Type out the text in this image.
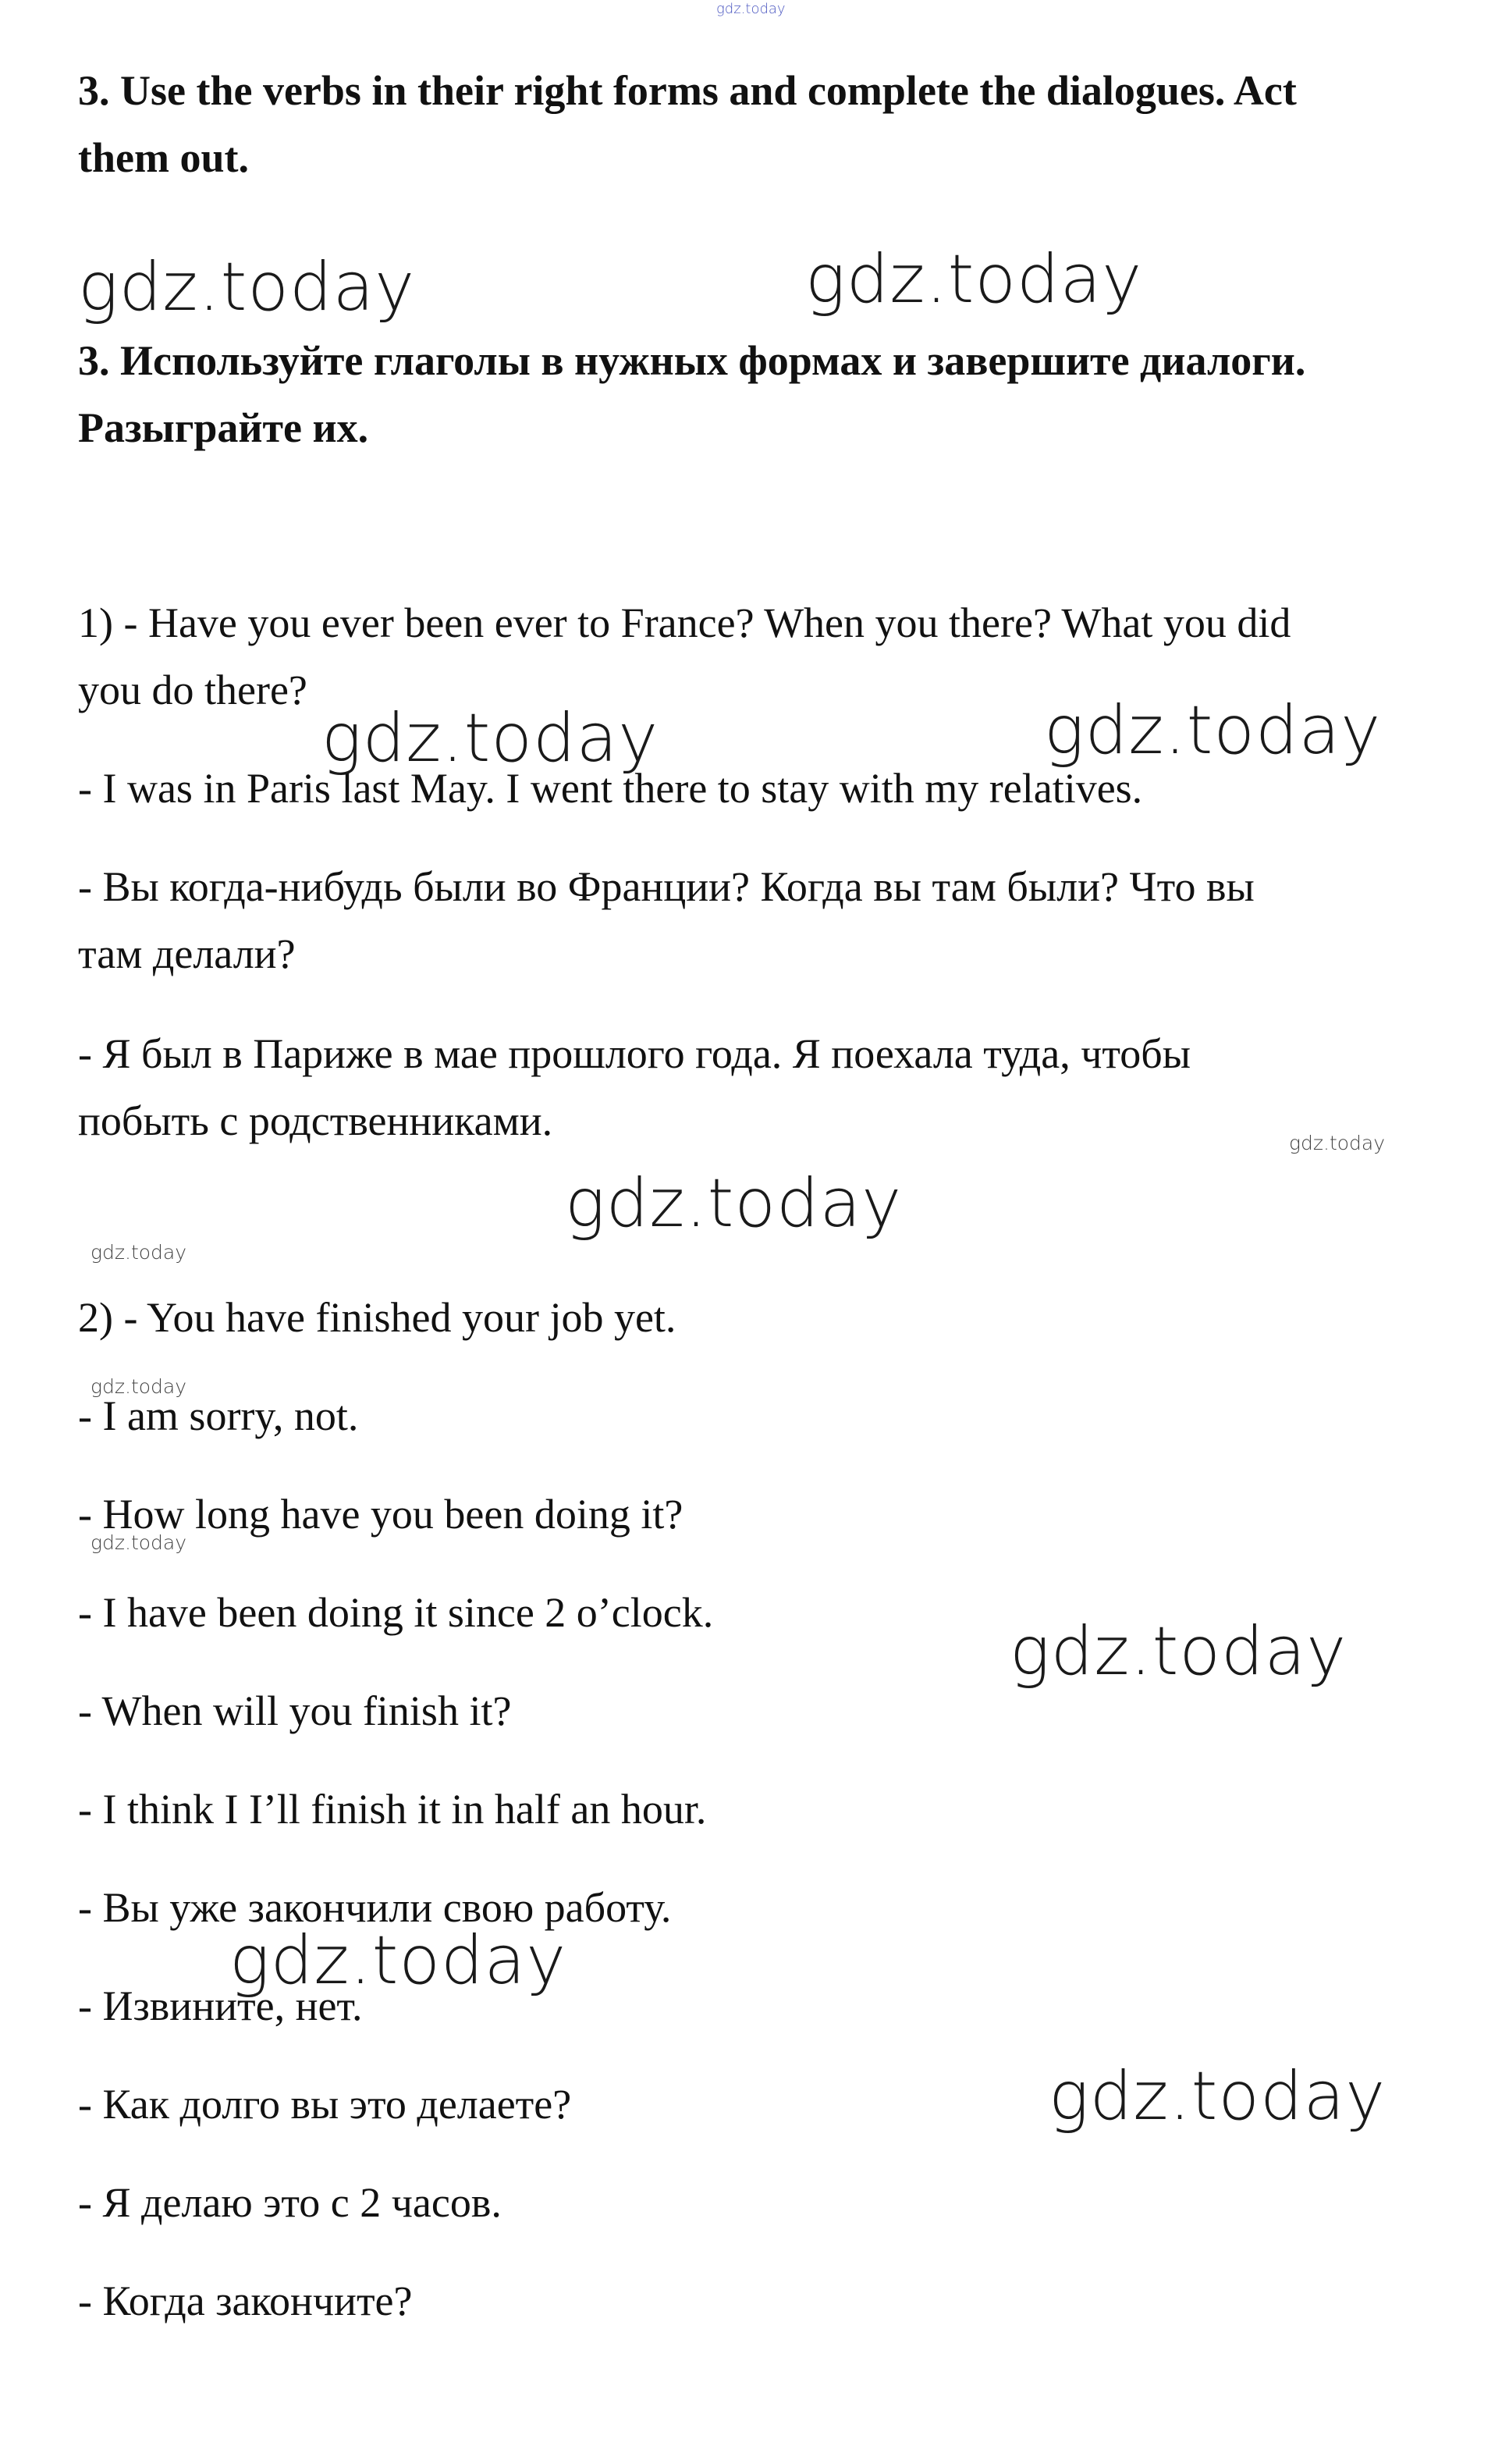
gdz.today

3. Use the verbs in their right forms and complete the dialogues. Act

them out.

gdz.today	gdz.today

3. Используйте глаголы в нужных формах и завершите диалоги.

Разыграйте их.

1) - Have you ever been ever to France? When you there? What you did

you do there?

gdz.today	gdz.today

- I was in Paris last May. I went there to stay with my relatives.

- Вы когда-нибудь были во Франции? Когда вы там были? Что вы

там делали?

- Я был в Париже в мае прошлого года. Я поехала туда, чтобы

побыть с родственниками.	gdz.today
gdz.today
gdz.today

2) - You have finished your job yet.

gdz.today

- I am sorry, not.

- How long have you been doing it?

gdz.today

- I have been doing it since 2 o’clock.	gdz.today

- When will you finish it?

- I think I I’ll finish it in half an hour.

- Вы уже закончили свою работу.

gdz.today

- Извините, нет.

gdz.today

- Как долго вы это делаете?

- Я делаю это с 2 часов.

- Когда закончите?
